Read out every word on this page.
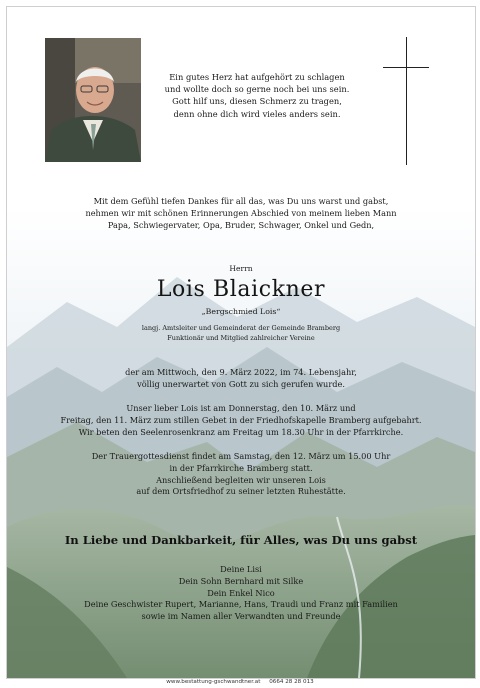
Ein gutes Herz hat aufgehört zu schlagen
und wollte doch so gerne noch bei uns sein.
Gott hilf uns, diesen Schmerz zu tragen,
denn ohne dich wird vieles anders sein.
Mit dem Gefühl tiefen Dankes für all das, was Du uns warst und gabst,
nehmen wir mit schönen Erinnerungen Abschied von meinem lieben Mann
Papa, Schwiegervater, Opa, Bruder, Schwager, Onkel und Gedn,
Herrn
Lois Blaickner
„Bergschmied Lois“
langj. Amtsleiter und Gemeinderat der Gemeinde Bramberg
Funktionär und Mitglied zahlreicher Vereine
der am Mittwoch, den 9. März 2022, im 74. Lebensjahr,
völlig unerwartet von Gott zu sich gerufen wurde.
Unser lieber Lois ist am Donnerstag, den 10. März und
Freitag, den 11. März zum stillen Gebet in der Friedhofskapelle Bramberg aufgebahrt.
Wir beten den Seelenrosenkranz am Freitag um 18.30 Uhr in der Pfarrkirche.
Der Trauergottesdienst findet am Samstag, den 12. März um 15.00 Uhr
in der Pfarrkirche Bramberg statt.
Anschließend begleiten wir unseren Lois
auf dem Ortsfriedhof zu seiner letzten Ruhestätte.
In Liebe und Dankbarkeit, für Alles, was Du uns gabst
Deine Lisi
Dein Sohn Bernhard mit Silke
Dein Enkel Nico
Deine Geschwister Rupert, Marianne, Hans, Traudi und Franz mit Familien
sowie im Namen aller Verwandten und Freunde
www.bestattung-gschwandtner.at 0664 28 28 013
